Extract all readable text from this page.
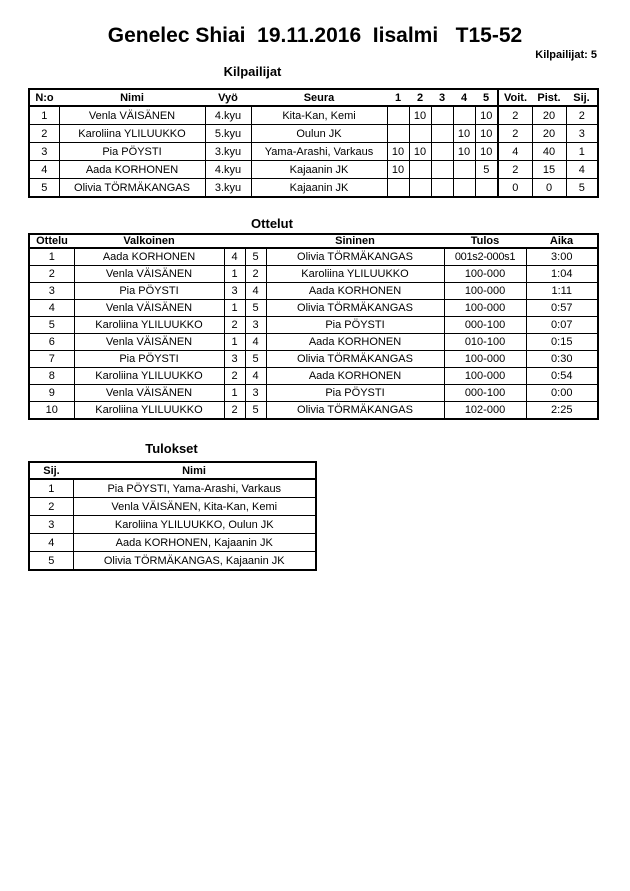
Genelec Shiai  19.11.2016  Iisalmi   T15-52
Kilpailijat: 5
Kilpailijat
N:o	Nimi	Vyö	Seura	1	2	3	4	5	Voit.	Pist.	Sij.
1	Venla VÄISÄNEN	4.kyu	Kita-Kan, Kemi		10			10	2	20	2
2	Karoliina YLILUUKKO	5.kyu	Oulun JK				10	10	2	20	3
3	Pia PÖYSTI	3.kyu	Yama-Arashi, Varkaus	10	10		10	10	4	40	1
4	Aada KORHONEN	4.kyu	Kajaanin JK	10				5	2	15	4
5	Olivia TÖRMÄKANGAS	3.kyu	Kajaanin JK						0	0	5
Ottelut
Ottelu	Valkoinen			Sininen	Tulos	Aika
1	Aada KORHONEN	4	5	Olivia TÖRMÄKANGAS	001s2-000s1	3:00
2	Venla VÄISÄNEN	1	2	Karoliina YLILUUKKO	100-000	1:04
3	Pia PÖYSTI	3	4	Aada KORHONEN	100-000	1:11
4	Venla VÄISÄNEN	1	5	Olivia TÖRMÄKANGAS	100-000	0:57
5	Karoliina YLILUUKKO	2	3	Pia PÖYSTI	000-100	0:07
6	Venla VÄISÄNEN	1	4	Aada KORHONEN	010-100	0:15
7	Pia PÖYSTI	3	5	Olivia TÖRMÄKANGAS	100-000	0:30
8	Karoliina YLILUUKKO	2	4	Aada KORHONEN	100-000	0:54
9	Venla VÄISÄNEN	1	3	Pia PÖYSTI	000-100	0:00
10	Karoliina YLILUUKKO	2	5	Olivia TÖRMÄKANGAS	102-000	2:25
Tulokset
Sij.	Nimi
1	Pia PÖYSTI, Yama-Arashi, Varkaus
2	Venla VÄISÄNEN, Kita-Kan, Kemi
3	Karoliina YLILUUKKO, Oulun JK
4	Aada KORHONEN, Kajaanin JK
5	Olivia TÖRMÄKANGAS, Kajaanin JK
